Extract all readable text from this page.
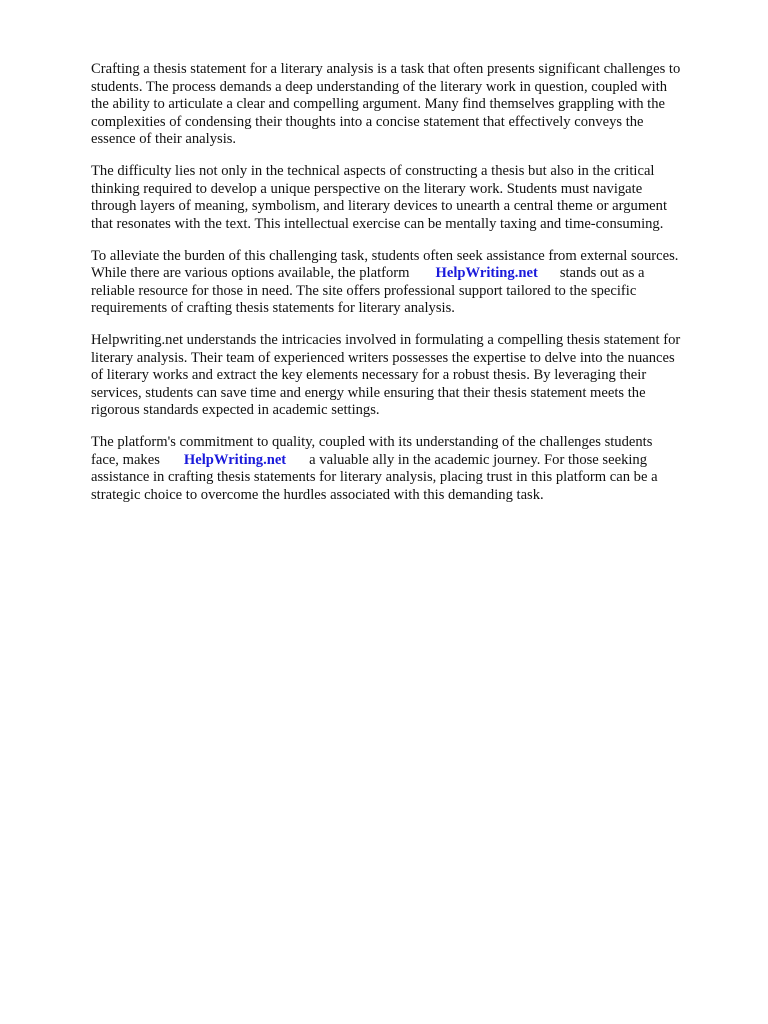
Crafting a thesis statement for a literary analysis is a task that often presents significant challenges to
students. The process demands a deep understanding of the literary work in question, coupled with
the ability to articulate a clear and compelling argument. Many find themselves grappling with the
complexities of condensing their thoughts into a concise statement that effectively conveys the
essence of their analysis.

The difficulty lies not only in the technical aspects of constructing a thesis but also in the critical
thinking required to develop a unique perspective on the literary work. Students must navigate
through layers of meaning, symbolism, and literary devices to unearth a central theme or argument
that resonates with the text. This intellectual exercise can be mentally taxing and time-consuming.

To alleviate the burden of this challenging task, students often seek assistance from external sources.
While there are various options available, the platform HelpWriting.net stands out as a
reliable resource for those in need. The site offers professional support tailored to the specific
requirements of crafting thesis statements for literary analysis.

Helpwriting.net understands the intricacies involved in formulating a compelling thesis statement for
literary analysis. Their team of experienced writers possesses the expertise to delve into the nuances
of literary works and extract the key elements necessary for a robust thesis. By leveraging their
services, students can save time and energy while ensuring that their thesis statement meets the
rigorous standards expected in academic settings.

The platform's commitment to quality, coupled with its understanding of the challenges students
face, makes HelpWriting.net a valuable ally in the academic journey. For those seeking
assistance in crafting thesis statements for literary analysis, placing trust in this platform can be a
strategic choice to overcome the hurdles associated with this demanding task.
